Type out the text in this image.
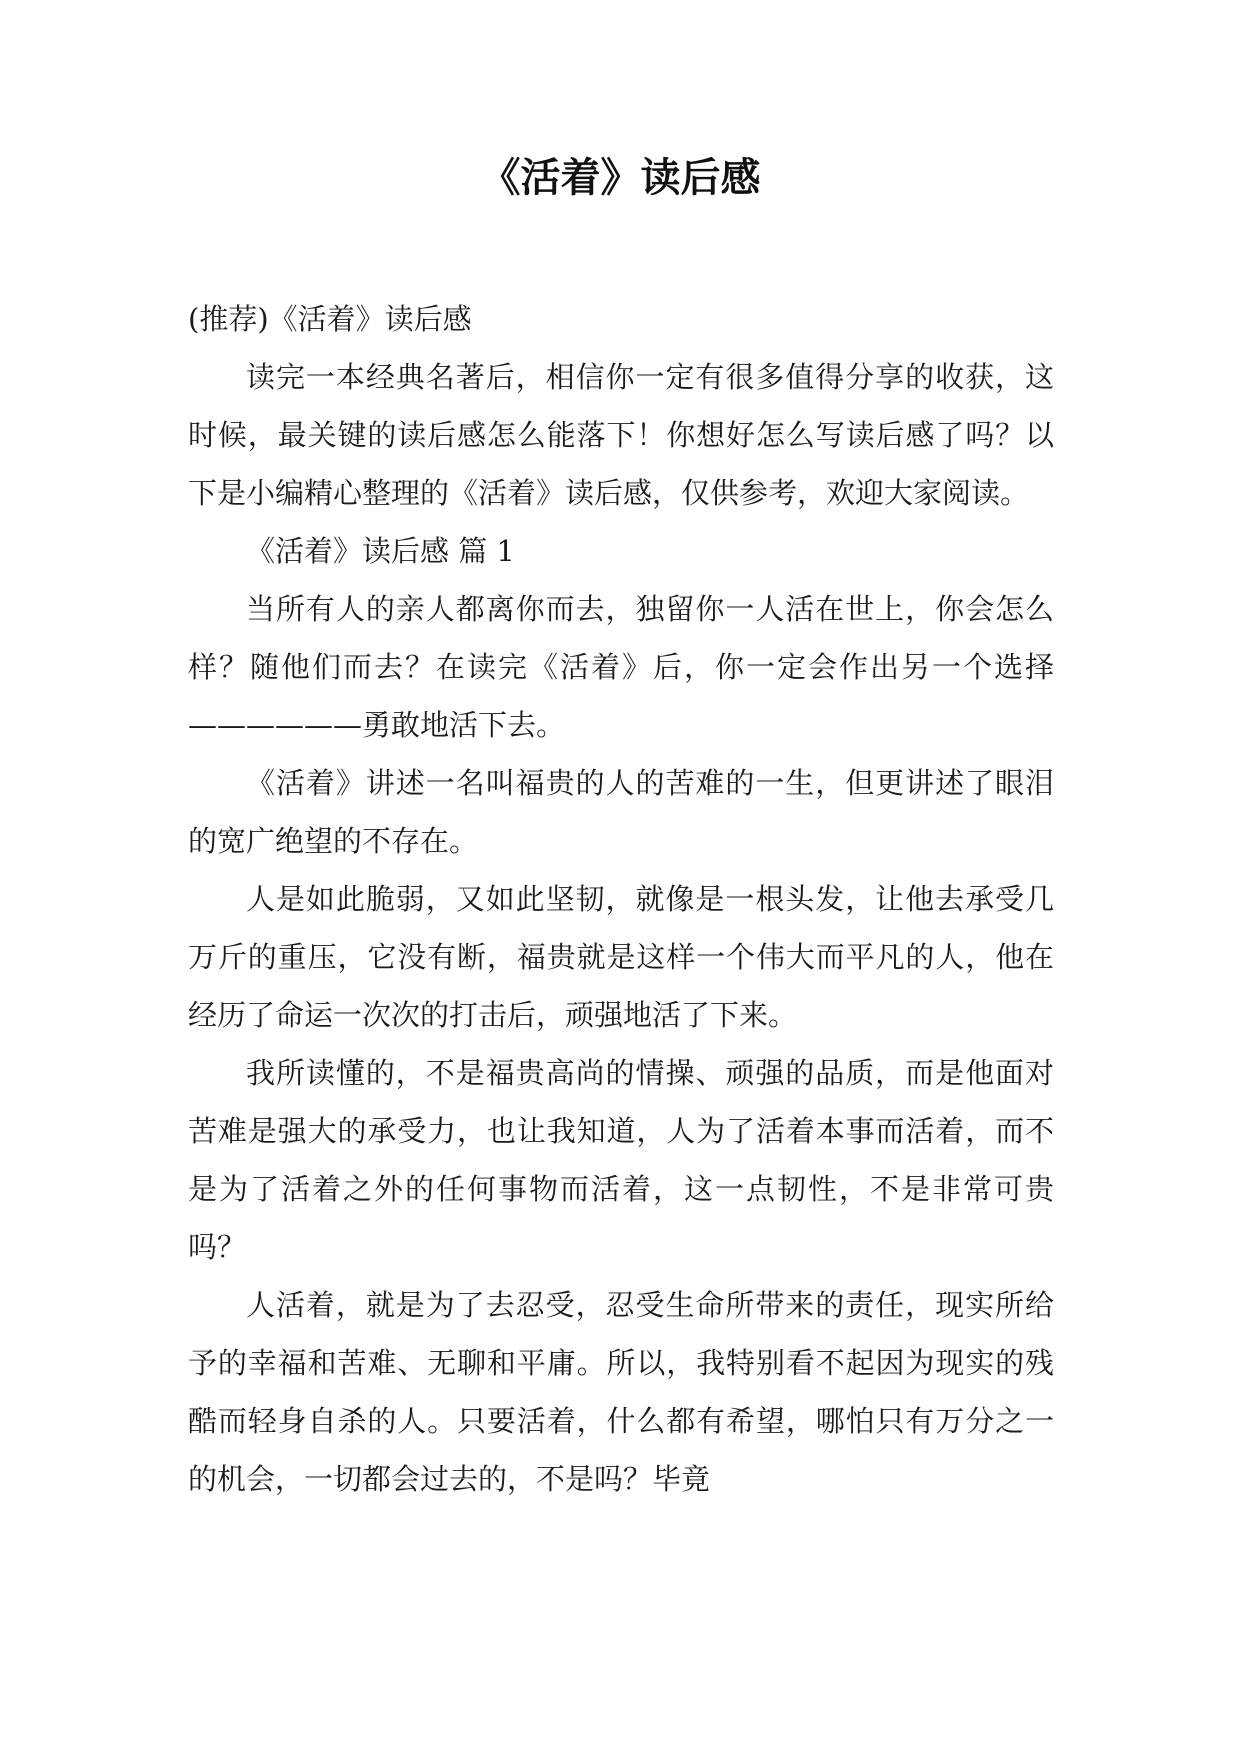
《活着》读后感

(推荐)《活着》读后感

读完一本经典名著后，相信你一定有很多值得分享的收获，这时候，最关键的读后感怎么能落下！你想好怎么写读后感了吗？以下是小编精心整理的《活着》读后感，仅供参考，欢迎大家阅读。

《活着》读后感 篇 1

当所有人的亲人都离你而去，独留你一人活在世上，你会怎么样？随他们而去？在读完《活着》后，你一定会作出另一个选择——————勇敢地活下去。

《活着》讲述一名叫福贵的人的苦难的一生，但更讲述了眼泪的宽广绝望的不存在。

人是如此脆弱，又如此坚韧，就像是一根头发，让他去承受几万斤的重压，它没有断，福贵就是这样一个伟大而平凡的人，他在经历了命运一次次的打击后，顽强地活了下来。

我所读懂的，不是福贵高尚的情操、顽强的品质，而是他面对苦难是强大的承受力，也让我知道，人为了活着本事而活着，而不是为了活着之外的任何事物而活着，这一点韧性，不是非常可贵吗？

人活着，就是为了去忍受，忍受生命所带来的责任，现实所给予的幸福和苦难、无聊和平庸。所以，我特别看不起因为现实的残酷而轻身自杀的人。只要活着，什么都有希望，哪怕只有万分之一的机会，一切都会过去的，不是吗？毕竟
